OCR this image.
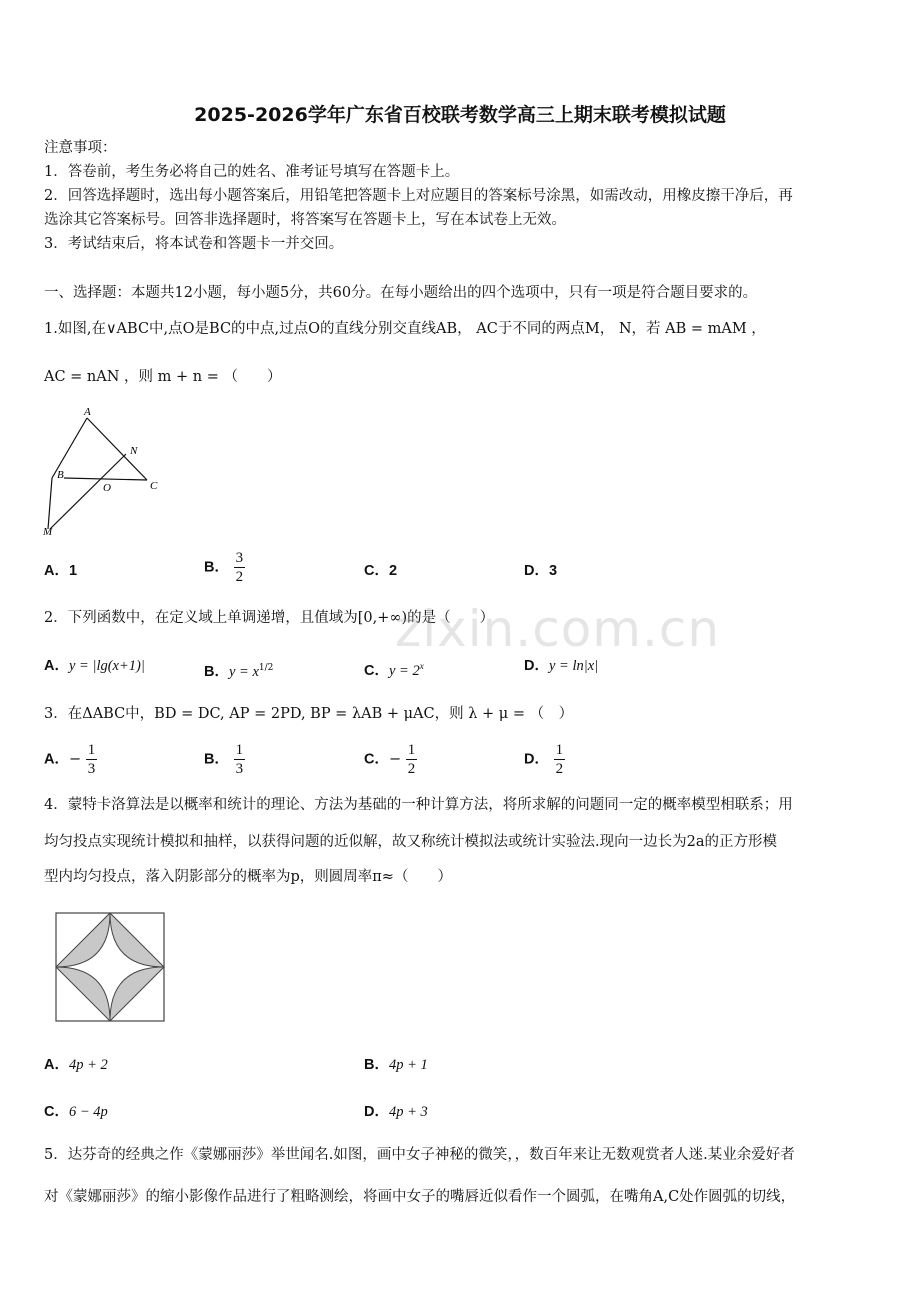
2025-2026学年广东省百校联考数学高三上期末联考模拟试题
注意事项：
1．答卷前，考生务必将自己的姓名、准考证号填写在答题卡上。
2．回答选择题时，选出每小题答案后，用铅笔把答题卡上对应题目的答案标号涂黑，如需改动，用橡皮擦干净后，再
选涂其它答案标号。回答非选择题时，将答案写在答题卡上，写在本试卷上无效。
3．考试结束后，将本试卷和答题卡一并交回。
一、选择题：本题共12小题，每小题5分，共60分。在每小题给出的四个选项中，只有一项是符合题目要求的。
1.如图,在∨ABC中,点O是BC的中点,过点O的直线分别交直线AB， AC于不同的两点M， N，若 AB = mAM ，
AC = nAN ，则 m + n = （　　）
A
N
B
O	C
M
A．1	B． $\frac{3}{2}$	C．2	D．3
2．下列函数中，在定义域上单调递增，且值域为[0,+∞)的是（　　）
A．y = |lg(x+1)|	B．$y = x^{1/2}$	C．$y = 2^x$	D．y = ln|x|
3．在ΔABC中，BD = DC, AP = 2PD, BP = λAB + μAC，则 λ + μ = （　）
A．− $\frac{1}{3}$	B． $\frac{1}{3}$	C．− $\frac{1}{2}$	D． $\frac{1}{2}$
4．蒙特卡洛算法是以概率和统计的理论、方法为基础的一种计算方法，将所求解的问题同一定的概率模型相联系；用
均匀投点实现统计模拟和抽样，以获得问题的近似解，故又称统计模拟法或统计实验法.现向一边长为2a的正方形模
型内均匀投点，落入阴影部分的概率为p，则圆周率π≈（　　）
A．4p + 2	B．4p + 1
C．6 − 4p	D．4p + 3
5．达芬奇的经典之作《蒙娜丽莎》举世闻名.如图，画中女子神秘的微笑，，数百年来让无数观赏者人迷.某业余爱好者
对《蒙娜丽莎》的缩小影像作品进行了粗略测绘，将画中女子的嘴唇近似看作一个圆弧，在嘴角A,C处作圆弧的切线，
zixin.com.cn
